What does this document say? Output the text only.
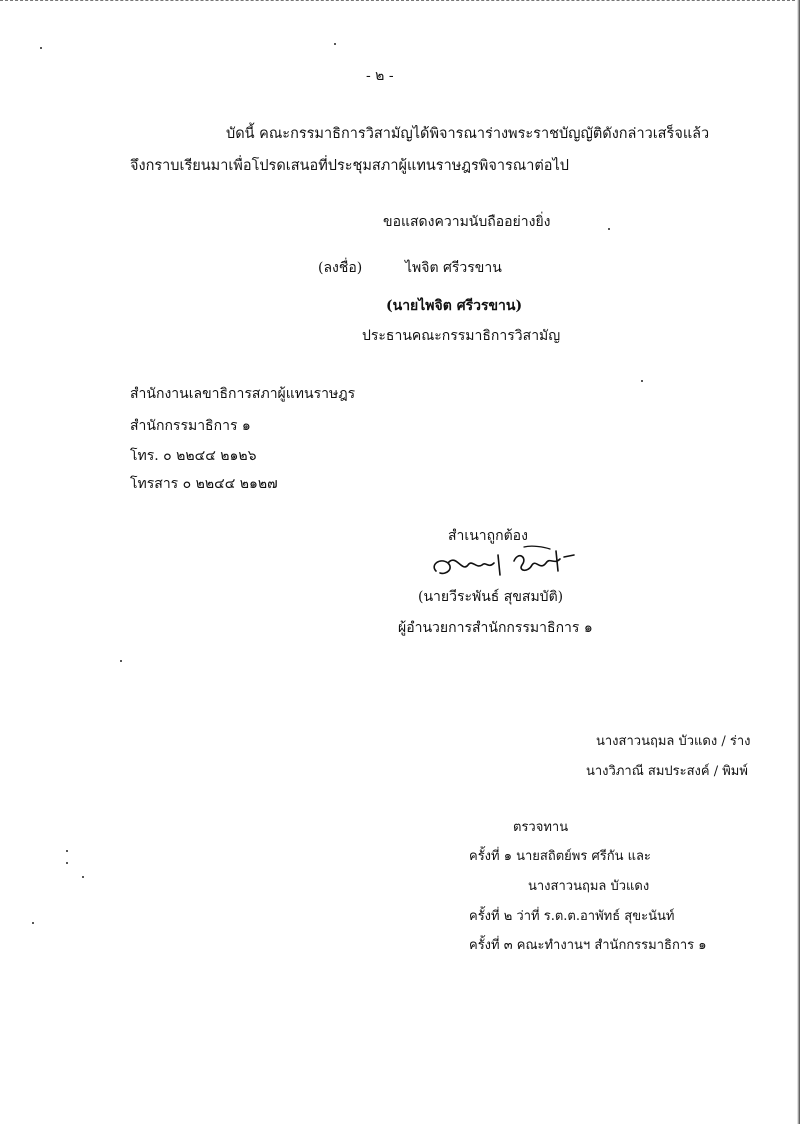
- ๒ -
บัดนี้ คณะกรรมาธิการวิสามัญได้พิจารณาร่างพระราชบัญญัติดังกล่าวเสร็จแล้ว
จึงกราบเรียนมาเพื่อโปรดเสนอที่ประชุมสภาผู้แทนราษฎรพิจารณาต่อไป
ขอแสดงความนับถืออย่างยิ่ง
(ลงชื่อ)	ไพจิต ศรีวรขาน
(นายไพจิต ศรีวรขาน)
ประธานคณะกรรมาธิการวิสามัญ
สำนักงานเลขาธิการสภาผู้แทนราษฎร
สำนักกรรมาธิการ ๑
โทร. ๐ ๒๒๔๔ ๒๑๒๖
โทรสาร ๐ ๒๒๔๔ ๒๑๒๗
สำเนาถูกต้อง
(นายวีระพันธ์ สุขสมบัติ)
ผู้อำนวยการสำนักกรรมาธิการ ๑
นางสาวนฤมล บัวแดง / ร่าง
นางวิภาณี สมประสงค์ / พิมพ์
ตรวจทาน
ครั้งที่ ๑ นายสถิตย์พร ศรีกัน และ
นางสาวนฤมล บัวแดง
ครั้งที่ ๒ ว่าที่ ร.ต.ต.อาพัทธ์ สุขะนันท์
ครั้งที่ ๓ คณะทำงานฯ สำนักกรรมาธิการ ๑
